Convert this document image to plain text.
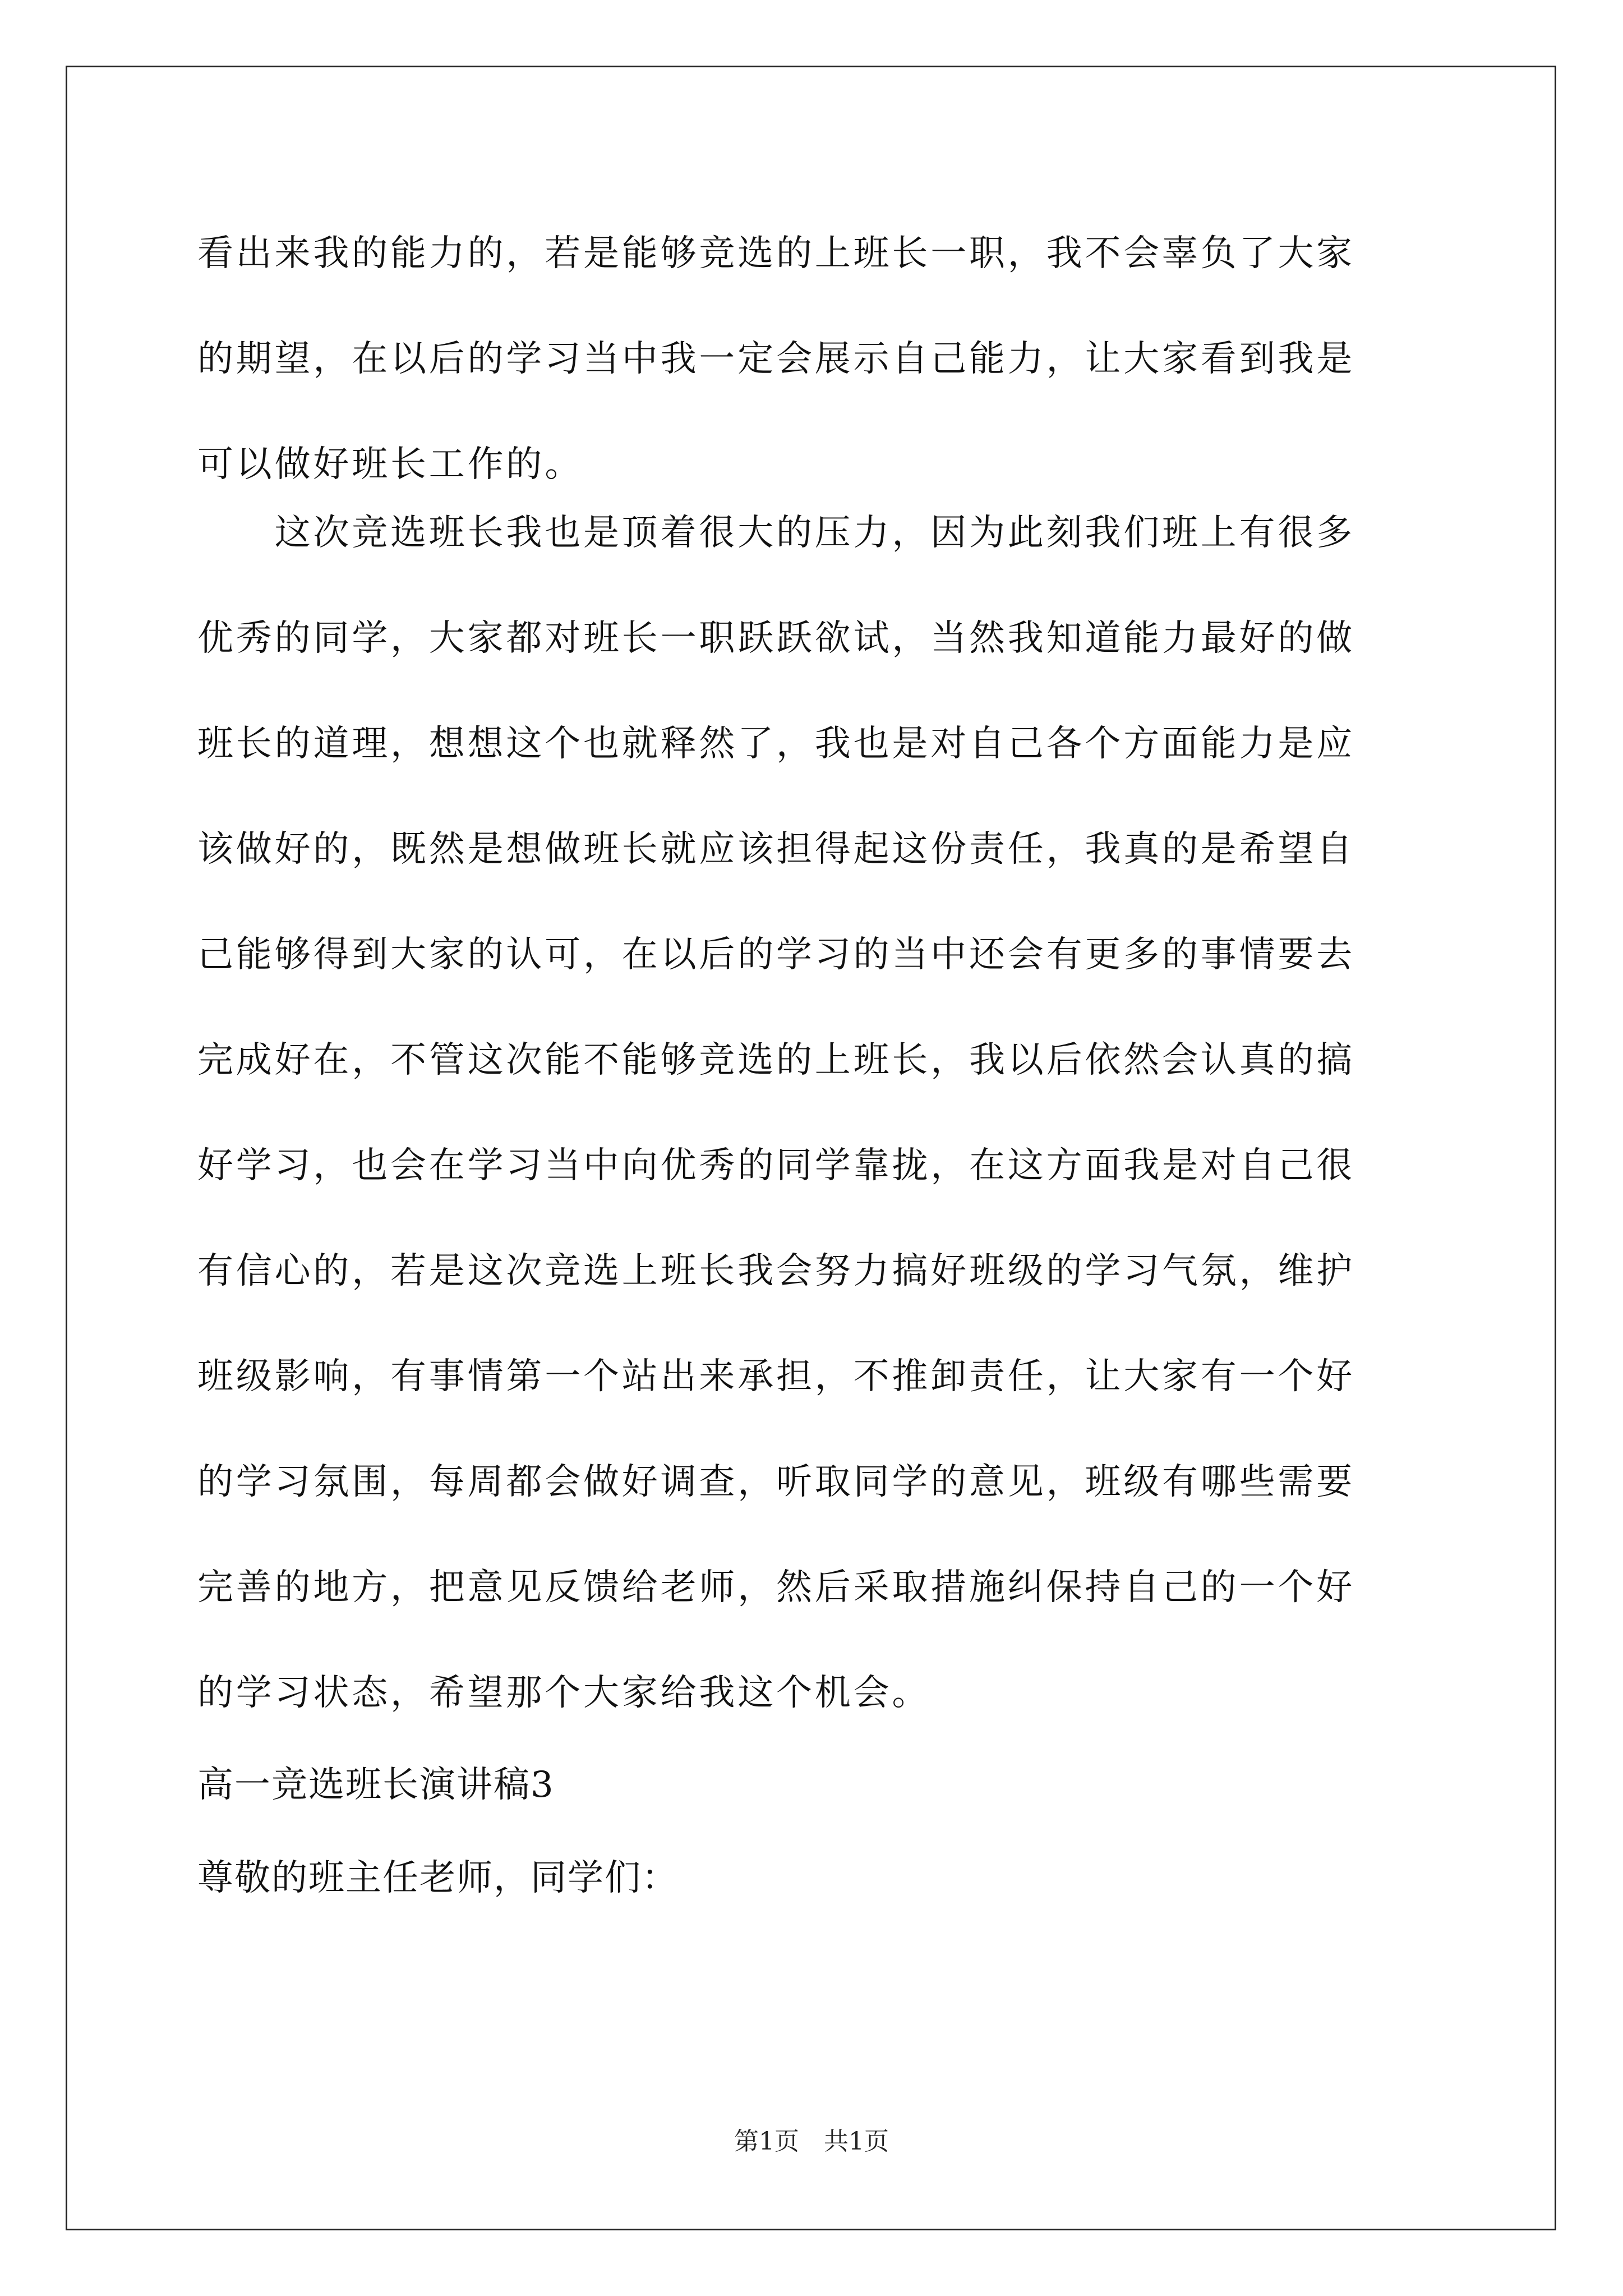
看出来我的能力的，若是能够竞选的上班长一职，我不会辜负了大家

的期望，在以后的学习当中我一定会展示自己能力，让大家看到我是

可以做好班长工作的。

　　这次竞选班长我也是顶着很大的压力，因为此刻我们班上有很多

优秀的同学，大家都对班长一职跃跃欲试，当然我知道能力最好的做

班长的道理，想想这个也就释然了，我也是对自己各个方面能力是应

该做好的，既然是想做班长就应该担得起这份责任，我真的是希望自

己能够得到大家的认可，在以后的学习的当中还会有更多的事情要去

完成好在，不管这次能不能够竞选的上班长，我以后依然会认真的搞

好学习，也会在学习当中向优秀的同学靠拢，在这方面我是对自己很

有信心的，若是这次竞选上班长我会努力搞好班级的学习气氛，维护

班级影响，有事情第一个站出来承担，不推卸责任，让大家有一个好

的学习氛围，每周都会做好调查，听取同学的意见，班级有哪些需要

完善的地方，把意见反馈给老师，然后采取措施纠保持自己的一个好

的学习状态，希望那个大家给我这个机会。

高一竞选班长演讲稿3

尊敬的班主任老师，同学们：

第1页　共1页
